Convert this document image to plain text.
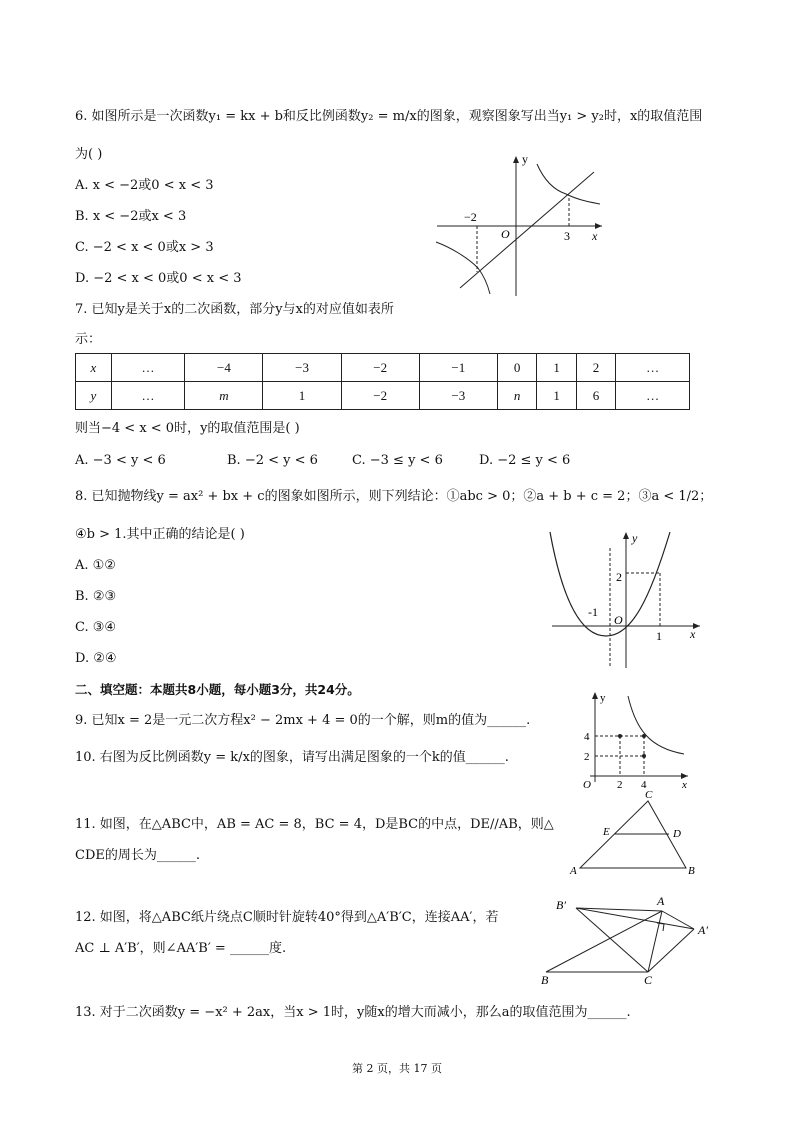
6. 如图所示是一次函数y₁ = kx + b和反比例函数y₂ = m/x的图象，观察图象写出当y₁ > y₂时，x的取值范围
为( )
A. x < −2或0 < x < 3
B. x < −2或x < 3
C. −2 < x < 0或x > 3
D. −2 < x < 0或0 < x < 3
y
x
O
−2
3
7. 已知y是关于x的二次函数，部分y与x的对应值如表所
示：
x	…	−4	−3	−2	−1	0	1	2	…
y	…	m	1	−2	−3	n	1	6	…
则当−4 < x < 0时，y的取值范围是( )
A. −3 < y < 6	B. −2 < y < 6	C. −3 ≤ y < 6	D. −2 ≤ y < 6
8. 已知抛物线y = ax² + bx + c的图象如图所示，则下列结论：①abc > 0；②a + b + c = 2；③a < 1/2；
④b > 1.其中正确的结论是( )
A. ①②
B. ②③
C. ③④
D. ②④
y
x
O
-1
1
2
二、填空题：本题共8小题，每小题3分，共24分。
9. 已知x = 2是一元二次方程x² − 2mx + 4 = 0的一个解，则m的值为______.
10. 右图为反比例函数y = k/x的图象，请写出满足图象的一个k的值______.
y
x
O 2 4
4
2
11. 如图，在△ABC中，AB = AC = 8，BC = 4，D是BC的中点，DE//AB，则△
CDE的周长为______.
C
E	D
A	B
12. 如图，将△ABC纸片绕点C顺时针旋转40°得到△A′B′C，连接AA′，若
AC ⊥ A′B′，则∠AA′B′ = ______度.
B′	A
A′
B	C
13. 对于二次函数y = −x² + 2ax，当x > 1时，y随x的增大而减小，那么a的取值范围为______.
第 2 页，共 17 页
